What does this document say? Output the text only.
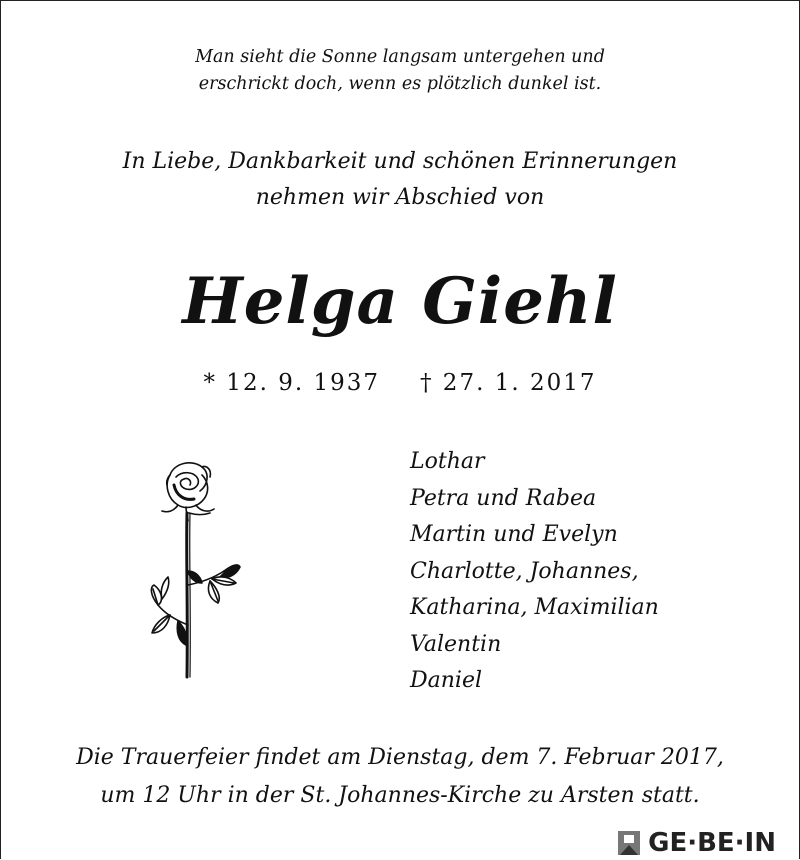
Man sieht die Sonne langsam untergehen und
erschrickt doch, wenn es plötzlich dunkel ist.
In Liebe, Dankbarkeit und schönen Erinnerungen
nehmen wir Abschied von
Helga Giehl
* 12. 9. 1937 † 27. 1. 2017
Lothar
Petra und Rabea
Martin und Evelyn
Charlotte, Johannes,
Katharina, Maximilian
Valentin
Daniel
Die Trauerfeier findet am Dienstag, dem 7. Februar 2017,
um 12 Uhr in der St. Johannes-Kirche zu Arsten statt.
GE·BE·IN
